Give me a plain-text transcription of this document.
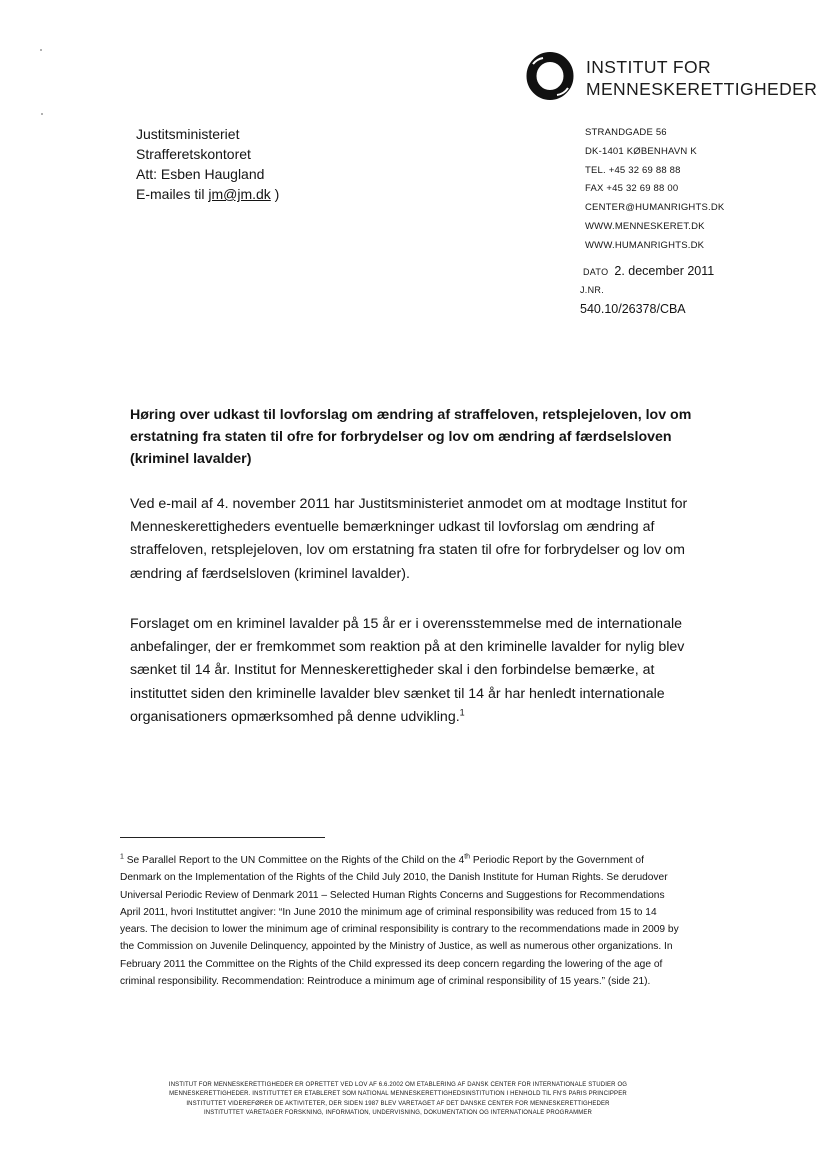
INSTITUT FOR
MENNESKERETTIGHEDER
Justitsministeriet
Strafferetskontoret
Att: Esben Haugland
E-mailes til jm@jm.dk )
STRANDGADE 56
DK-1401 KØBENHAVN K
TEL. +45 32 69 88 88
FAX +45 32 69 88 00
CENTER@HUMANRIGHTS.DK
WWW.MENNESKERET.DK
WWW.HUMANRIGHTS.DK
DATO 2. december 2011
J.NR.
540.10/26378/CBA
Høring over udkast til lovforslag om ændring af straffeloven, retsplejeloven, lov om erstatning fra staten til ofre for forbrydelser og lov om ændring af færdselsloven (kriminel lavalder)
Ved e-mail af 4. november 2011 har Justitsministeriet anmodet om at modtage Institut for Menneskerettigheders eventuelle bemærkninger udkast til lovforslag om ændring af straffeloven, retsplejeloven, lov om erstatning fra staten til ofre for forbrydelser og lov om ændring af færdselsloven (kriminel lavalder).
Forslaget om en kriminel lavalder på 15 år er i overensstemmelse med de internationale anbefalinger, der er fremkommet som reaktion på at den kriminelle lavalder for nylig blev sænket til 14 år. Institut for Menneskerettigheder skal i den forbindelse bemærke, at instituttet siden den kriminelle lavalder blev sænket til 14 år har henledt internationale organisationers opmærksomhed på denne udvikling.$^1$
$^1$ Se Parallel Report to the UN Committee on the Rights of the Child on the 4th Periodic Report by the Government of Denmark on the Implementation of the Rights of the Child July 2010, the Danish Institute for Human Rights. Se derudover Universal Periodic Review of Denmark 2011 – Selected Human Rights Concerns and Suggestions for Recommendations April 2011, hvori Instituttet angiver: “In June 2010 the minimum age of criminal responsibility was reduced from 15 to 14 years. The decision to lower the minimum age of criminal responsibility is contrary to the recommendations made in 2009 by the Commission on Juvenile Delinquency, appointed by the Ministry of Justice, as well as numerous other organizations. In February 2011 the Committee on the Rights of the Child expressed its deep concern regarding the lowering of the age of criminal responsibility. Recommendation: Reintroduce a minimum age of criminal responsibility of 15 years.” (side 21).
INSTITUT FOR MENNESKERETTIGHEDER ER OPRETTET VED LOV AF 6.6.2002 OM ETABLERING AF DANSK CENTER FOR INTERNATIONALE STUDIER OG
MENNESKERETTIGHEDER. INSTITUTTET ER ETABLERET SOM NATIONAL MENNESKERETTIGHEDSINSTITUTION I HENHOLD TIL FN'S PARIS PRINCIPPER
INSTITUTTET VIDEREFØRER DE AKTIVITETER, DER SIDEN 1987 BLEV VARETAGET AF DET DANSKE CENTER FOR MENNESKERETTIGHEDER
INSTITUTTET VARETAGER FORSKNING, INFORMATION, UNDERVISNING, DOKUMENTATION OG INTERNATIONALE PROGRAMMER
